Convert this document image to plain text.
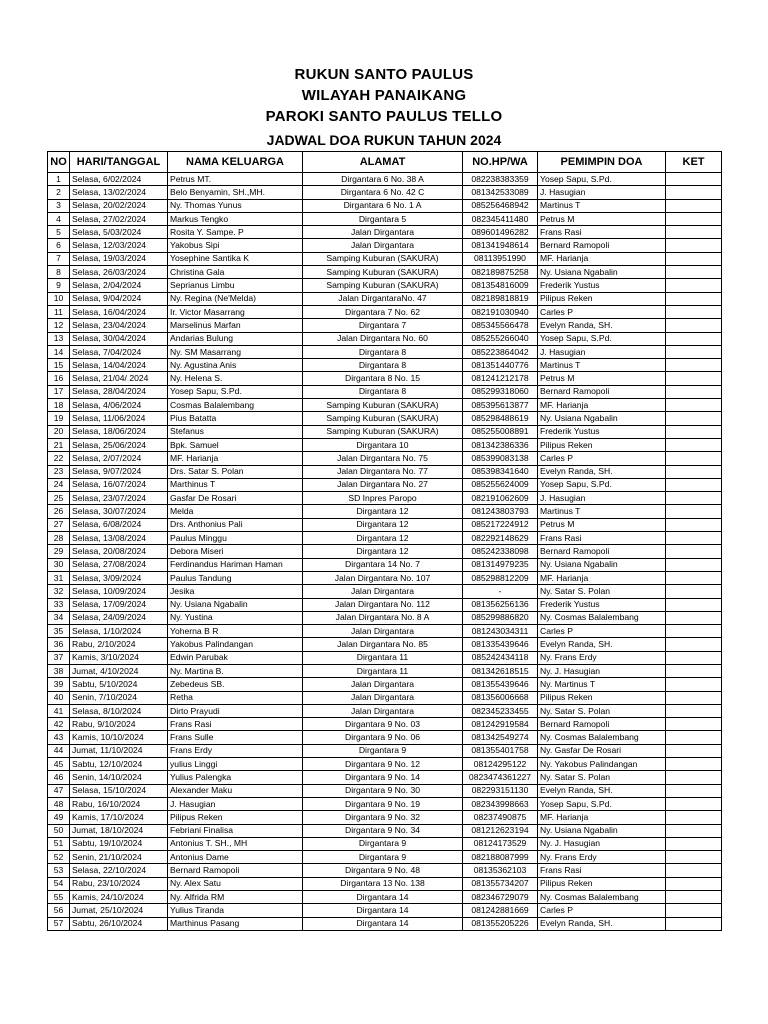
RUKUN SANTO PAULUS
WILAYAH PANAIKANG
PAROKI SANTO PAULUS TELLO
JADWAL DOA RUKUN TAHUN 2024
NO	HARI/TANGGAL	NAMA KELUARGA	ALAMAT	NO.HP/WA	PEMIMPIN DOA	KET
1	Selasa, 6/02/2024	Petrus MT.	Dirgantara 6 No. 38 A	082238383359	Yosep Sapu, S.Pd.	
2	Selasa, 13/02/2024	Belo Benyamin, SH.,MH.	Dirgantara 6 No. 42 C	081342533089	J. Hasugian	
3	Selasa, 20/02/2024	Ny. Thomas Yunus	Dirgantara 6 No. 1 A	085256468942	Martinus T	
4	Selasa, 27/02/2024	Markus Tengko	Dirgantara 5	082345411480	Petrus M	
5	Selasa, 5/03/2024	Rosita Y. Sampe. P	Jalan Dirgantara	089601496282	Frans Rasi	
6	Selasa, 12/03/2024	Yakobus Sipi	Jalan Dirgantara	081341948614	Bernard Ramopoli	
7	Selasa, 19/03/2024	Yosephine Santika K	Samping Kuburan (SAKURA)	08113951990	MF. Harianja	
8	Selasa, 26/03/2024	Christina Gala	Samping Kuburan (SAKURA)	082189875258	Ny. Usiana Ngabalin	
9	Selasa, 2/04/2024	Seprianus Limbu	Samping Kuburan (SAKURA)	081354816009	Frederik Yustus	
10	Selasa, 9/04/2024	Ny. Regina (Ne'Melda)	Jalan DirgantaraNo. 47	082189818819	Pilipus Reken	
11	Selasa, 16/04/2024	Ir. Victor Masarrang	Dirgantara 7 No. 62	082191030940	Carles P	
12	Selasa, 23/04/2024	Marselinus Marfan	Dirgantara 7	085345566478	Evelyn Randa, SH.	
13	Selasa, 30/04/2024	Andarias Bulung	Jalan Dirgantara No. 60	085255266040	Yosep Sapu, S.Pd.	
14	Selasa, 7/04/2024	Ny. SM Masarrang	Dirgantara 8	085223864042	J. Hasugian	
15	Selasa, 14/04/2024	Ny. Agustina Anis	Dirgantara 8	081351440776	Martinus T	
16	Selasa, 21/04/ 2024	Ny. Helena S.	Dirgantara 8 No. 15	081241212178	Petrus M	
17	Selasa, 28/04/2024	Yosep Sapu, S.Pd.	Dirgantara 8	085299318060	Bernard Ramopoli	
18	Selasa, 4/06/2024	Cosmas Balalembang	Samping Kuburan (SAKURA)	085395613877	MF. Harianja	
19	Selasa, 11/06/2024	Pius Batatta	Samping Kuburan (SAKURA)	085298488619	Ny. Usiana Ngabalin	
20	Selasa, 18/06/2024	Stefanus	Samping Kuburan (SAKURA)	085255008891	Frederik Yustus	
21	Selasa, 25/06/2024	Bpk. Samuel	Dirgantara 10	081342386336	Pilipus Reken	
22	Selasa, 2/07/2024	MF. Harianja	Jalan Dirgantara No. 75	085399083138	Carles P	
23	Selasa, 9/07/2024	Drs. Satar S. Polan	Jalan Dirgantara No. 77	085398341640	Evelyn Randa, SH.	
24	Selasa, 16/07/2024	Marthinus T	Jalan Dirgantara No. 27	085255624009	Yosep Sapu, S.Pd.	
25	Selasa, 23/07/2024	Gasfar De Rosari	SD Inpres Paropo	082191062609	J. Hasugian	
26	Selasa, 30/07/2024	Melda	Dirgantara 12	081243803793	Martinus T	
27	Selasa, 6/08/2024	Drs. Anthonius Pali	Dirgantara 12	085217224912	Petrus M	
28	Selasa, 13/08/2024	Paulus Minggu	Dirgantara 12	082292148629	Frans Rasi	
29	Selasa, 20/08/2024	Debora Miseri	Dirgantara 12	085242338098	Bernard Ramopoli	
30	Selasa, 27/08/2024	Ferdinandus Hariman Haman	Dirgantara 14 No. 7	081314979235	Ny. Usiana Ngabalin	
31	Selasa, 3/09/2024	Paulus Tandung	Jalan Dirgantara No. 107	085298812209	MF. Harianja	
32	Selasa, 10/09/2024	Jesika	Jalan Dirgantara	-	Ny. Satar S. Polan	
33	Selasa, 17/09/2024	Ny. Usiana Ngabalin	Jalan Dirgantara No. 112	081356256136	Frederik Yustus	
34	Selasa, 24/09/2024	Ny. Yustina	Jalan Dirgantara No. 8 A	085299886820	Ny. Cosmas Balalembang	
35	Selasa, 1/10/2024	Yoherna B R	Jalan Dirgantara	081243034311	Carles P	
36	Rabu, 2/10/2024	Yakobus Palindangan	Jalan Dirgantara No. 85	081335439646	Evelyn Randa, SH.	
37	Kamis, 3/10/2024	Edwin Parubak	Dirgantara 11	085242434118	Ny. Frans Erdy	
38	Jumat, 4/10/2024	Ny. Martina B.	Dirgantara 11	081342618515	Ny. J. Hasugian	
39	Sabtu, 5/10/2024	Zebedeus SB.	Jalan Dirgantara	081355439646	Ny. Martinus T	
40	Senin, 7/10/2024	Retha	Jalan Dirgantara	081356006668	Pilipus Reken	
41	Selasa, 8/10/2024	Dirto Prayudi	Jalan Dirgantara	082345233455	Ny. Satar S. Polan	
42	Rabu, 9/10/2024	Frans Rasi	Dirgantara 9 No. 03	081242919584	Bernard Ramopoli	
43	Kamis, 10/10/2024	Frans Sulle	Dirgantara 9 No. 06	081342549274	Ny. Cosmas Balalembang	
44	Jumat, 11/10/2024	Frans Erdy	Dirgantara 9	081355401758	Ny. Gasfar De Rosari	
45	Sabtu, 12/10/2024	yulius Linggi	Dirgantara 9 No. 12	08124295122	Ny. Yakobus Palindangan	
46	Senin, 14/10/2024	Yulius Palengka	Dirgantara 9 No. 14	08234743612​27	Ny. Satar S. Polan	
47	Selasa, 15/10/2024	Alexander Maku	Dirgantara 9 No. 30	082293151130	Evelyn Randa, SH.	
48	Rabu, 16/10/2024	J. Hasugian	Dirgantara 9 No. 19	082343998663	Yosep Sapu, S.Pd.	
49	Kamis, 17/10/2024	Pilipus Reken	Dirgantara 9 No. 32	08237490875	MF. Harianja	
50	Jumat, 18/10/2024	Febriani Finalisa	Dirgantara 9 No. 34	081212623194	Ny. Usiana Ngabalin	
51	Sabtu, 19/10/2024	Antonius T. SH., MH	Dirgantara 9	08124173529	Ny. J. Hasugian	
52	Senin, 21/10/2024	Antonius Dame	Dirgantara 9	082188087999	Ny. Frans Erdy	
53	Selasa, 22/10/2024	Bernard Ramopoli	Dirgantara 9 No. 48	08135362103	Frans Rasi	
54	Rabu, 23/10/2024	Ny. Alex Satu	Dirgantara 13 No. 138	081355734207	Pilipus Reken	
55	Kamis, 24/10/2024	Ny. Alfrida RM	Dirgantara 14	082346729079	Ny. Cosmas Balalembang	
56	Jumat, 25/10/2024	Yulius Tiranda	Dirgantara 14	081242881669	Carles P	
57	Sabtu, 26/10/2024	Marthinus Pasang	Dirgantara 14	081355205226	Evelyn Randa, SH.	
